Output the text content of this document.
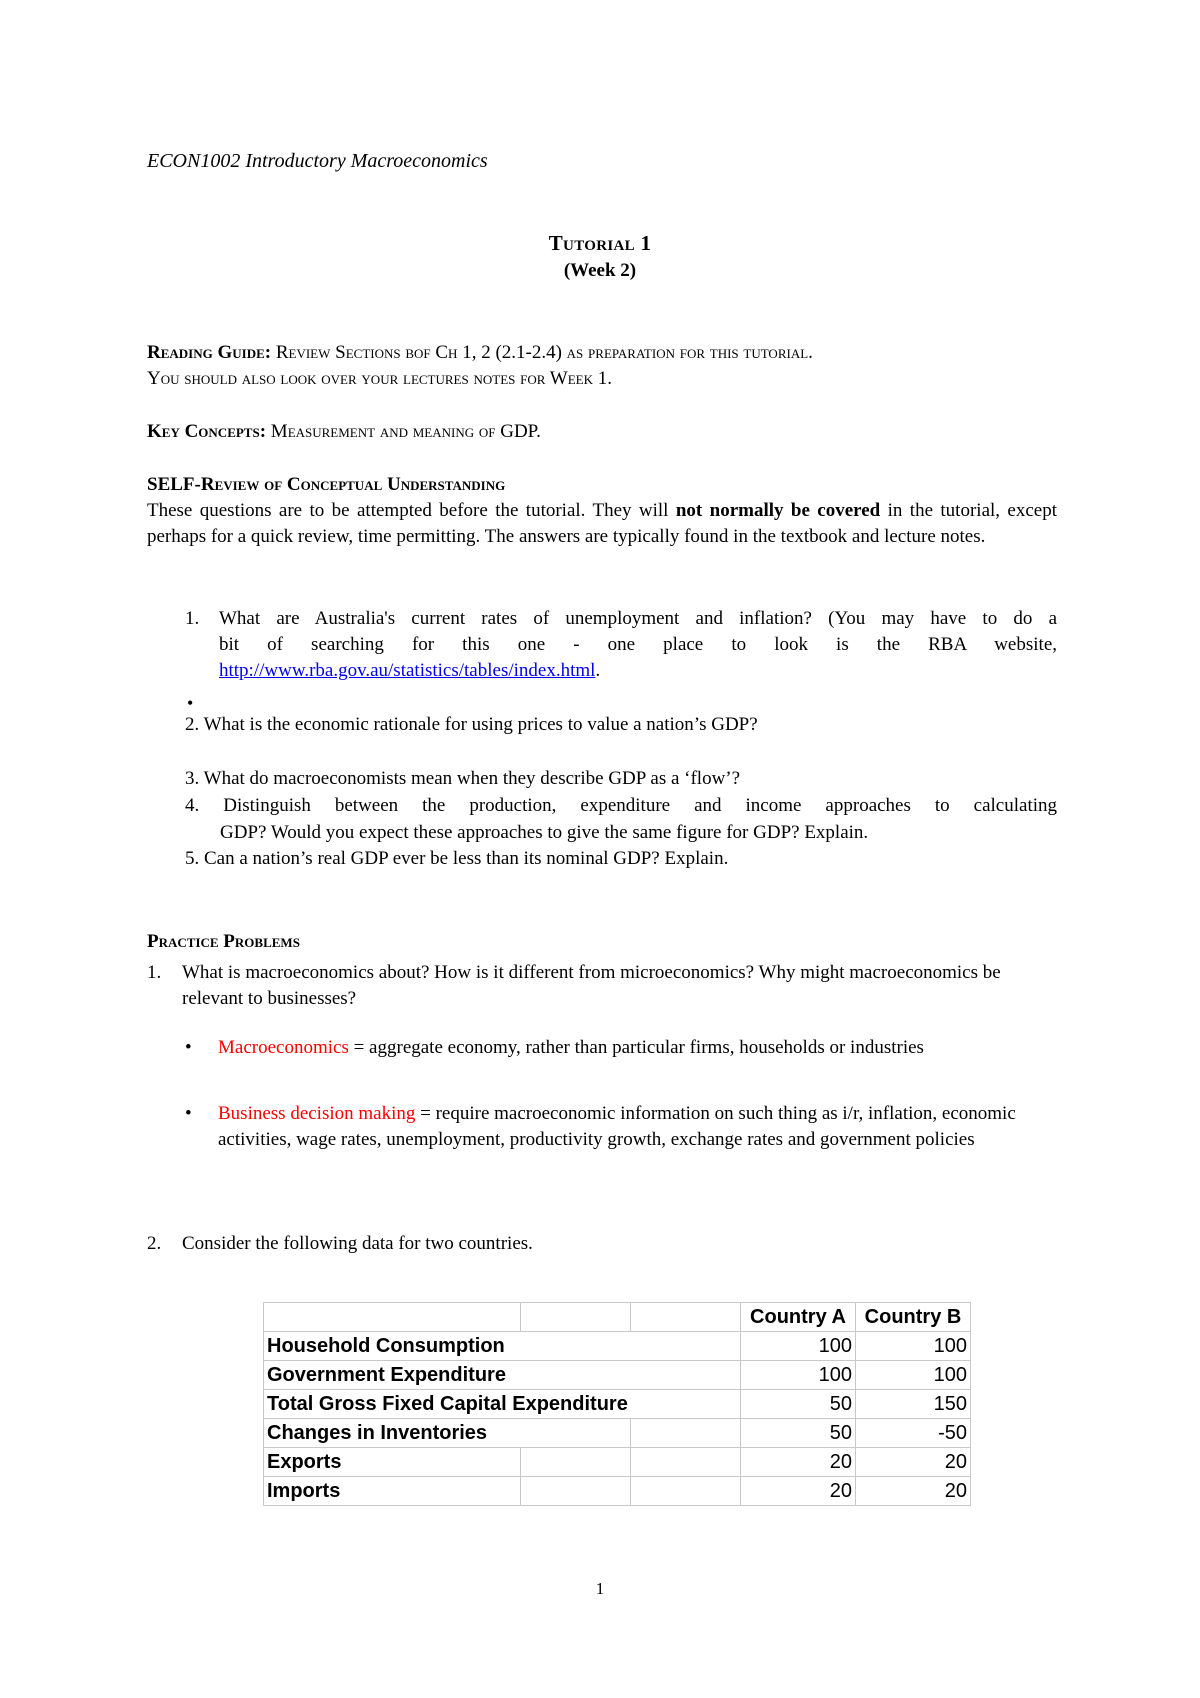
ECON1002 Introductory Macroeconomics
Tutorial 1
(Week 2)
Reading Guide: Review Sections bof Ch 1, 2 (2.1-2.4) as preparation for this tutorial.
You should also look over your lectures notes for Week 1.
Key Concepts: Measurement and meaning of GDP.
SELF-Review of Conceptual Understanding
These questions are to be attempted before the tutorial. They will not normally be covered in the tutorial, except perhaps for a quick review, time permitting. The answers are typically found in the textbook and lecture notes.
1. What are Australia's current rates of unemployment and inflation? (You may have to do a
bit of searching for this one - one place to look is the RBA website,
http://www.rba.gov.au/statistics/tables/index.html.
•
2. What is the economic rationale for using prices to value a nation’s GDP?
3. What do macroeconomists mean when they describe GDP as a ‘flow’?
4. Distinguish between the production, expenditure and income approaches to calculating
GDP? Would you expect these approaches to give the same figure for GDP? Explain.
5. Can a nation’s real GDP ever be less than its nominal GDP? Explain.
Practice Problems
1. What is macroeconomics about? How is it different from microeconomics? Why might macroeconomics be relevant to businesses?
• Macroeconomics = aggregate economy, rather than particular firms, households or industries
• Business decision making = require macroeconomic information on such thing as i/r, inflation, economic activities, wage rates, unemployment, productivity growth, exchange rates and government policies
2. Consider the following data for two countries.
			Country A	Country B
Household Consumption			100	100
Government Expenditure			100	100
Total Gross Fixed Capital Expenditure			50	150
Changes in Inventories			50	-50
Exports			20	20
Imports			20	20
1
